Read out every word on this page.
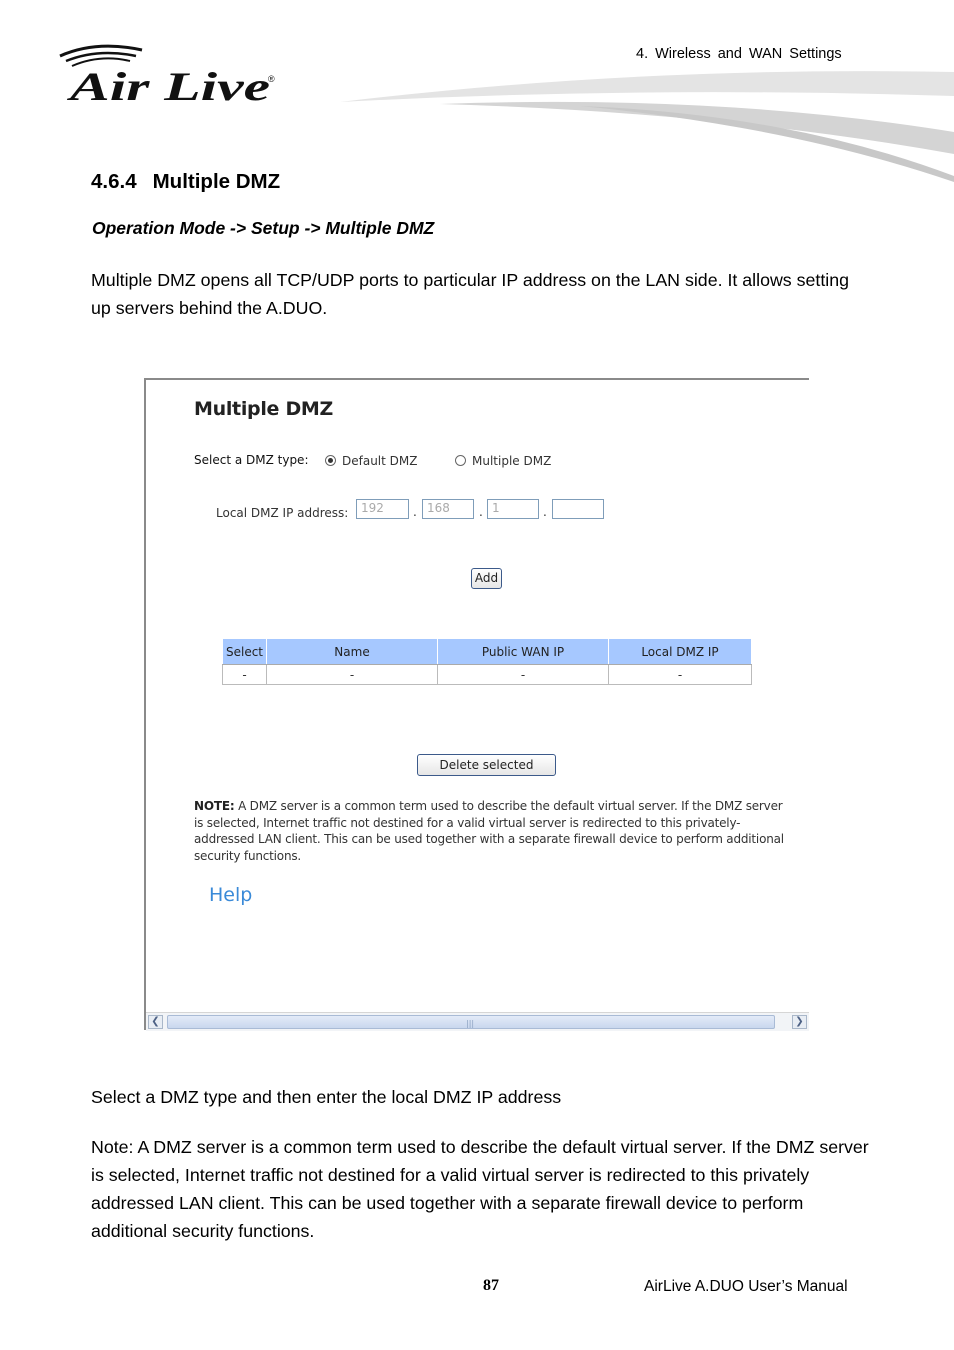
4. Wireless and WAN Settings
Air Live
®
4.6.4 Multiple DMZ
Operation Mode -> Setup -> Multiple DMZ
Multiple DMZ opens all TCP/UDP ports to particular IP address on the LAN side. It allows setting up servers behind the A.DUO.
Multiple DMZ
Select a DMZ type:	Default DMZ	Multiple DMZ
Local DMZ IP address:	192	. 168	. 1	.
Add
Select	Name	Public WAN IP	Local DMZ IP
-	-	-	-
Delete selected
NOTE: A DMZ server is a common term used to describe the default virtual server. If the DMZ server is selected, Internet traffic not destined for a valid virtual server is redirected to this privately-addressed LAN client. This can be used together with a separate firewall device to perform additional security functions.
Help
❮	|||	❯
Select a DMZ type and then enter the local DMZ IP address
Note: A DMZ server is a common term used to describe the default virtual server. If the DMZ server is selected, Internet traffic not destined for a valid virtual server is redirected to this privately addressed LAN client. This can be used together with a separate firewall device to perform additional security functions.
87	AirLive A.DUO User’s Manual
